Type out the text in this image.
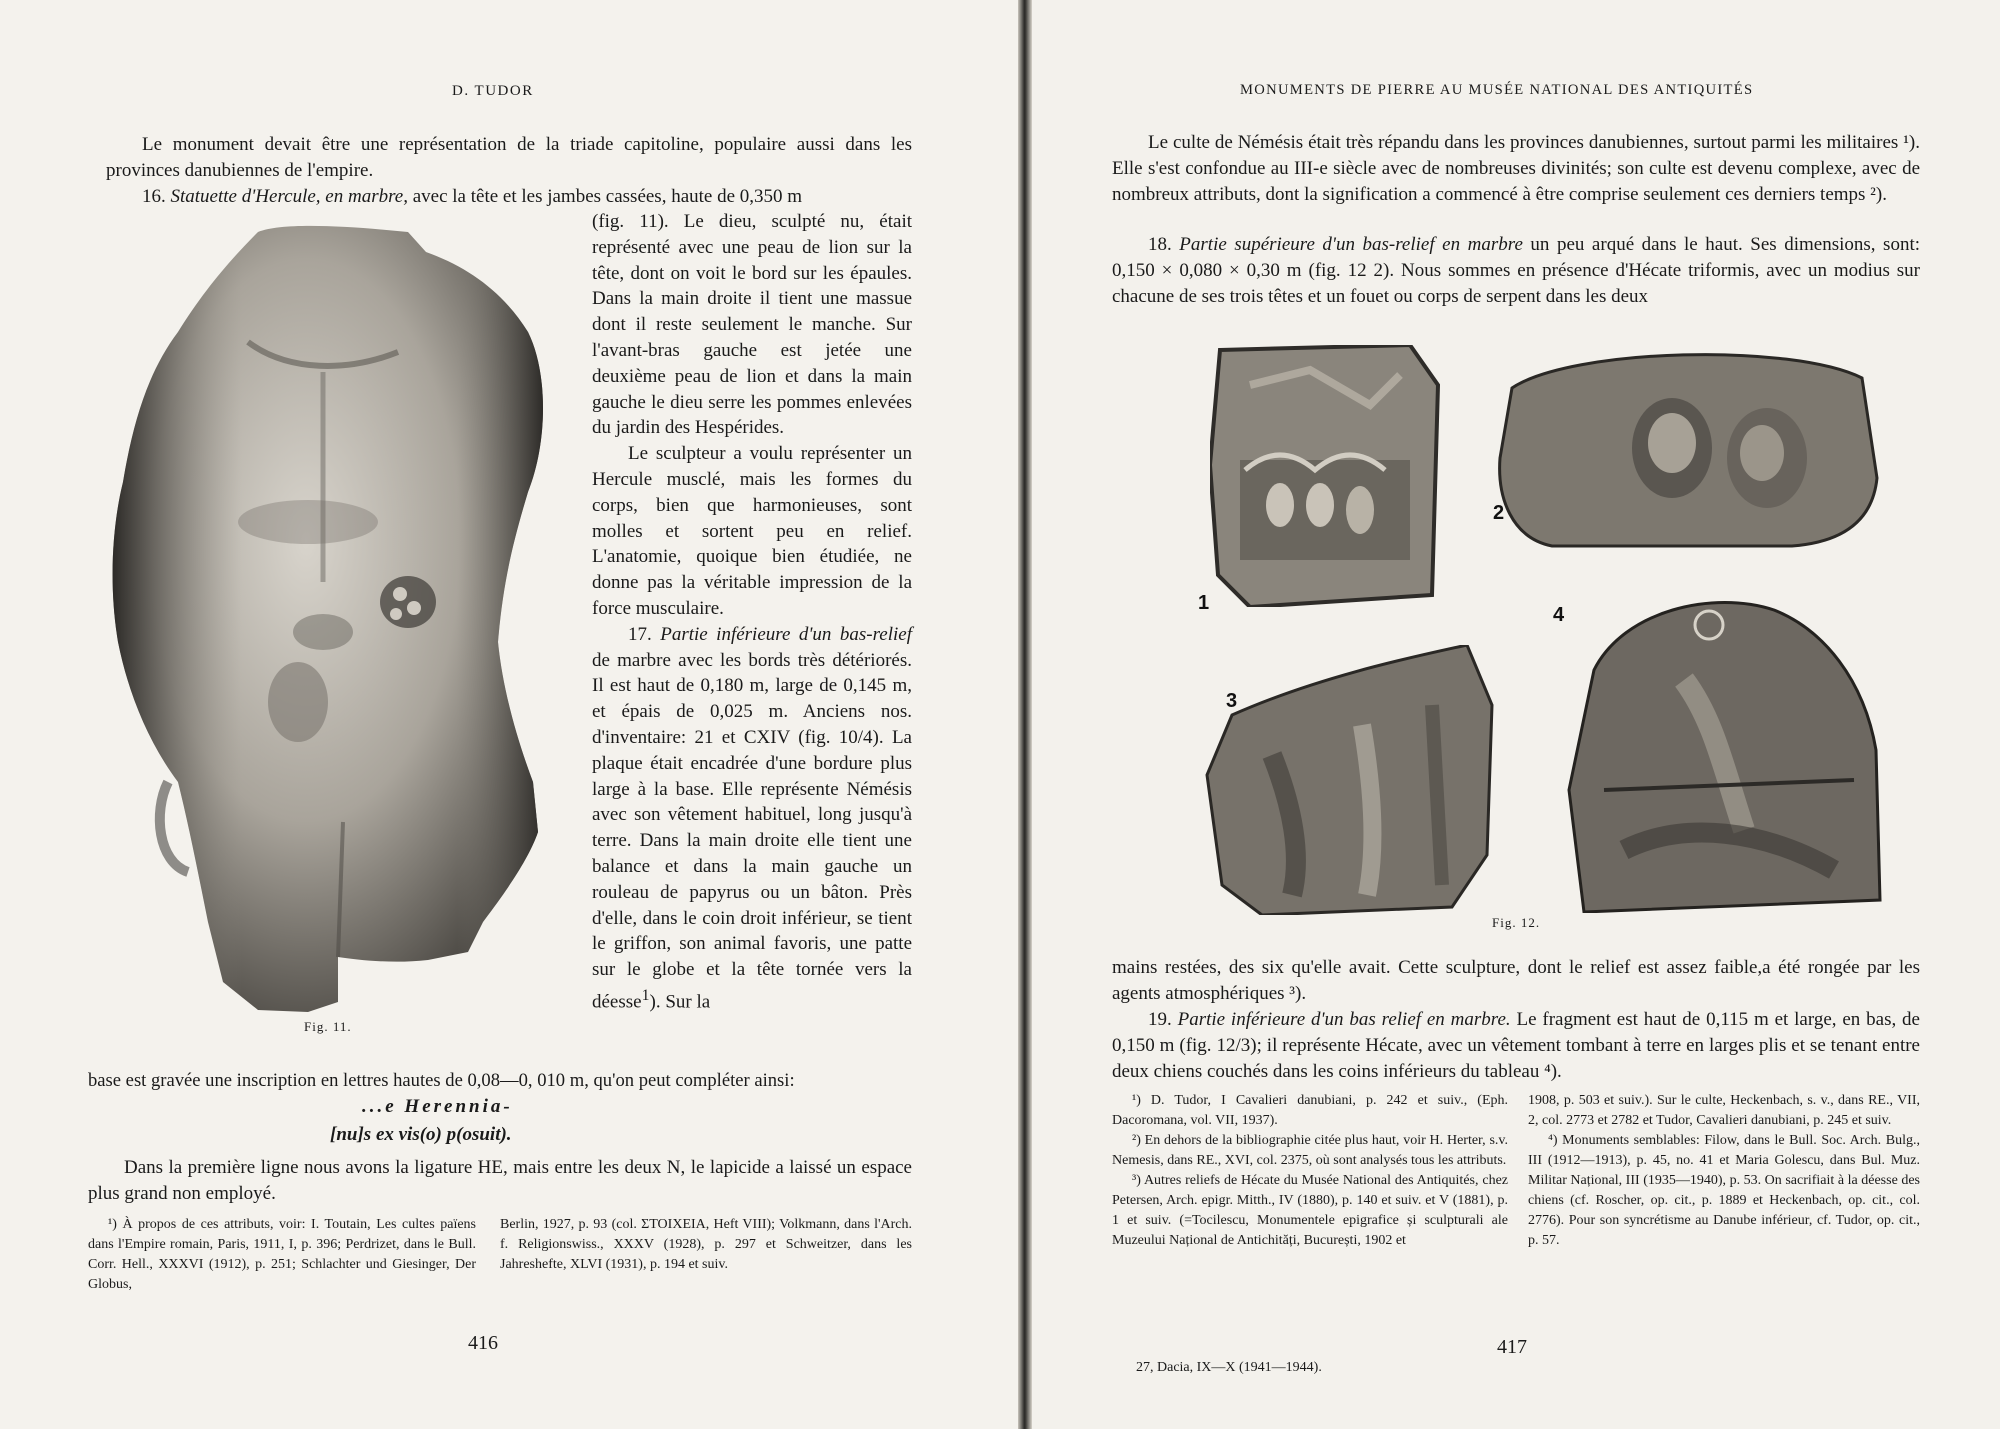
D. TUDOR

Le monument devait être une représentation de la triade capitoline, populaire aussi dans les provinces danubiennes de l'empire.

16. Statuette d'Hercule, en marbre, avec la tête et les jambes cassées, haute de 0,350 m
Fig. 11.

(fig. 11). Le dieu, sculpté nu, était représenté avec une peau de lion sur la tête, dont on voit le bord sur les épaules. Dans la main droite il tient une massue dont il reste seulement le manche. Sur l'avant-bras gauche est jetée une deuxième peau de lion et dans la main gauche le dieu serre les pommes enlevées du jardin des Hespérides.

Le sculpteur a voulu représenter un Hercule musclé, mais les formes du corps, bien que harmonieuses, sont molles et sortent peu en relief. L'anatomie, quoique bien étudiée, ne donne pas la véritable impression de la force musculaire.

17. Partie inférieure d'un bas-relief de marbre avec les bords très détériorés. Il est haut de 0,180 m, large de 0,145 m, et épais de 0,025 m. Anciens nos. d'inventaire: 21 et CXIV (fig. 10/4). La plaque était encadrée d'une bordure plus large à la base. Elle représente Némésis avec son vêtement habituel, long jusqu'à terre. Dans la main droite elle tient une balance et dans la main gauche un rouleau de papyrus ou un bâton. Près d'elle, dans le coin droit inférieur, se tient le griffon, son animal favoris, une patte sur le globe et la tête tornée vers la déesse$^1$). Sur la

base est gravée une inscription en lettres hautes de 0,08—0, 010 m, qu'on peut compléter ainsi:
...e Herennia-
[nu]s ex vis(o) p(osuit).

Dans la première ligne nous avons la ligature HE, mais entre les deux N, le lapicide a laissé un espace plus grand non employé.

¹) À propos de ces attributs, voir: I. Toutain, Les cultes païens dans l'Empire romain, Paris, 1911, I, p. 396; Perdrizet, dans le Bull. Corr. Hell., XXXVI (1912), p. 251; Schlachter und Giesinger, Der Globus,

Berlin, 1927, p. 93 (col. ΣΤΟΙΧΕΙΑ, Heft VIII); Volkmann, dans l'Arch. f. Religionswiss., XXXV (1928), p. 297 et Schweitzer, dans les Jahreshefte, XLVI (1931), p. 194 et suiv.

416
MONUMENTS DE PIERRE AU MUSÉE NATIONAL DES ANTIQUITÉS

Le culte de Némésis était très répandu dans les provinces danubiennes, surtout parmi les militaires ¹). Elle s'est confondue au III-e siècle avec de nombreuses divinités; son culte est devenu complexe, avec de nombreux attributs, dont la signification a commencé à être comprise seulement ces derniers temps ²).

18. Partie supérieure d'un bas-relief en marbre un peu arqué dans le haut. Ses dimensions, sont: 0,150 × 0,080 × 0,30 m (fig. 12 2). Nous sommes en présence d'Hécate triformis, avec un modius sur chacune de ses trois têtes et un fouet ou corps de serpent dans les deux

1
2
3
4
Fig. 12.

mains restées, des six qu'elle avait. Cette sculpture, dont le relief est assez faible,a été rongée par les agents atmosphériques ³).

19. Partie inférieure d'un bas relief en marbre. Le fragment est haut de 0,115 m et large, en bas, de 0,150 m (fig. 12/3); il représente Hécate, avec un vêtement tombant à terre en larges plis et se tenant entre deux chiens couchés dans les coins inférieurs du tableau ⁴).

¹) D. Tudor, I Cavalieri danubiani, p. 242 et suiv., (Eph. Dacoromana, vol. VII, 1937).

²) En dehors de la bibliographie citée plus haut, voir H. Herter, s.v. Nemesis, dans RE., XVI, col. 2375, où sont analysés tous les attributs.

³) Autres reliefs de Hécate du Musée National des Antiquités, chez Petersen, Arch. epigr. Mitth., IV (1880), p. 140 et suiv. et V (1881), p. 1 et suiv. (=Tocilescu, Monumentele epigrafice și sculpturali ale Muzeului Național de Antichități, București, 1902 et

1908, p. 503 et suiv.). Sur le culte, Heckenbach, s. v., dans RE., VII, 2, col. 2773 et 2782 et Tudor, Cavalieri danubiani, p. 245 et suiv.

⁴) Monuments semblables: Filow, dans le Bull. Soc. Arch. Bulg., III (1912—1913), p. 45, no. 41 et Maria Golescu, dans Bul. Muz. Militar Național, III (1935—1940), p. 53. On sacrifiait à la déesse des chiens (cf. Roscher, op. cit., p. 1889 et Heckenbach, op. cit., col. 2776). Pour son syncrétisme au Danube inférieur, cf. Tudor, op. cit., p. 57.

417
27, Dacia, IX—X (1941—1944).
